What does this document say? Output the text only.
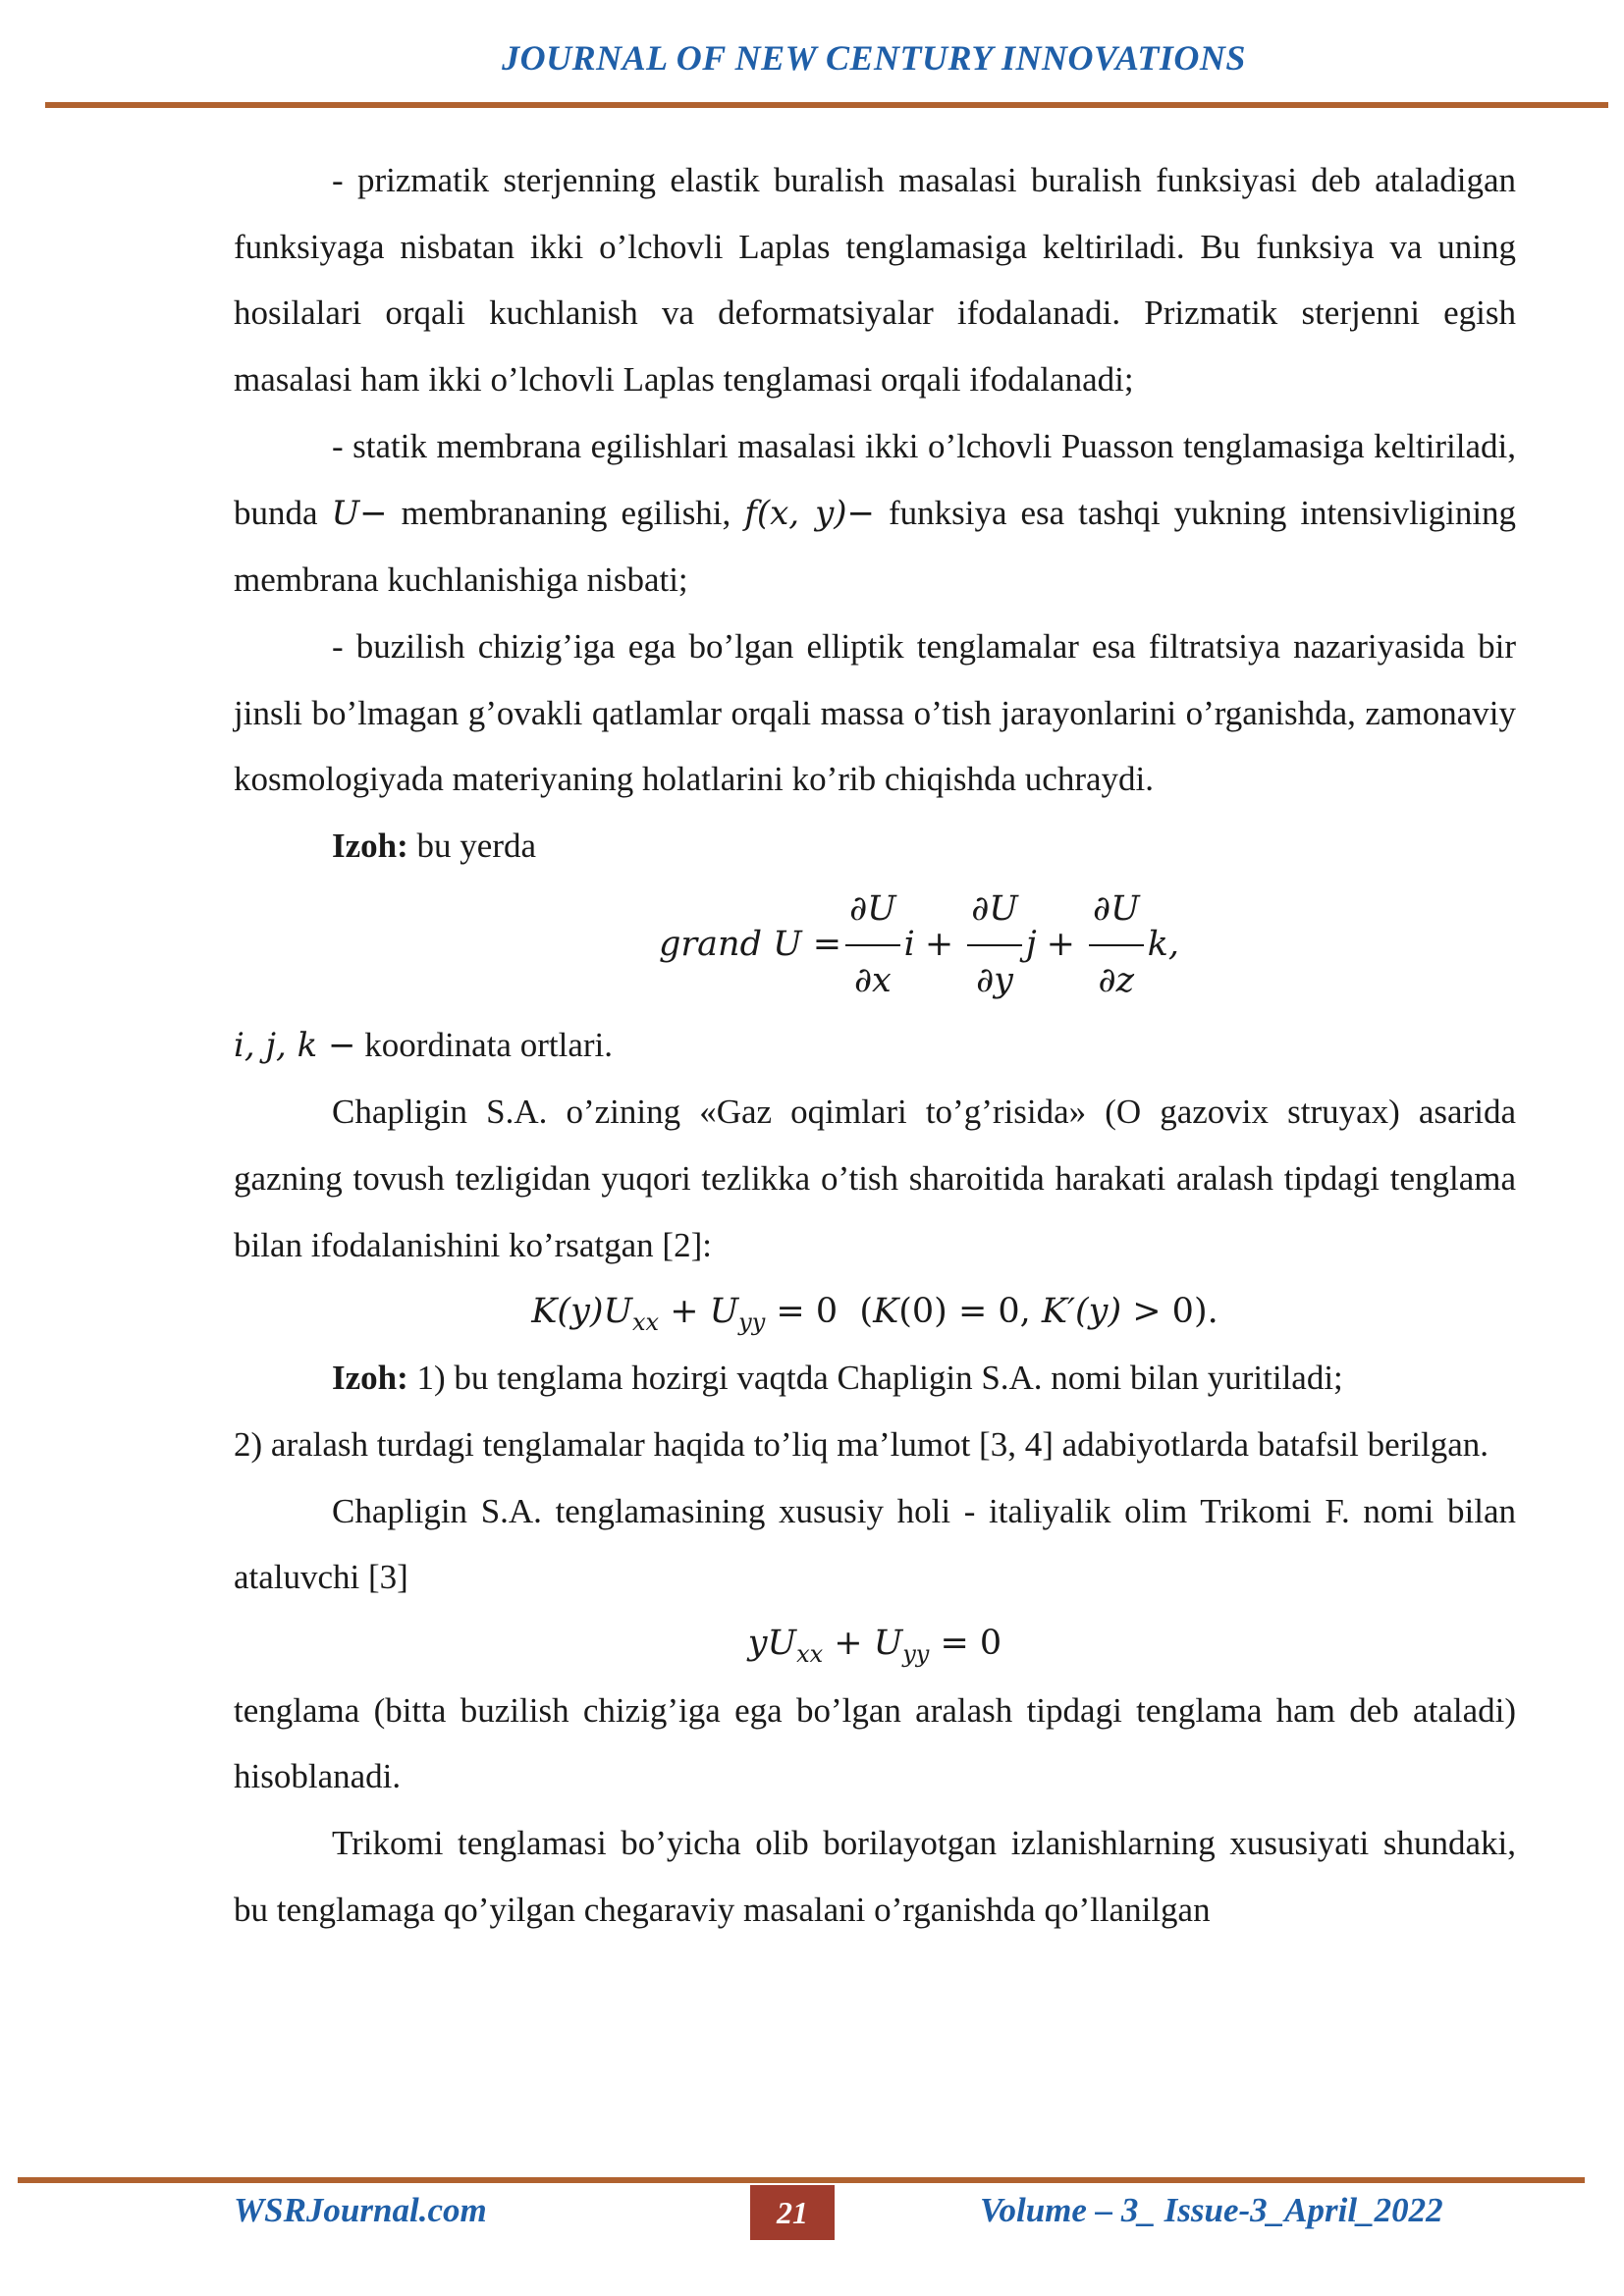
JOURNAL OF NEW CENTURY INNOVATIONS

- prizmatik sterjenning elastik buralish masalasi buralish funksiyasi deb ataladigan funksiyaga nisbatan ikki o’lchovli Laplas tenglamasiga keltiriladi. Bu funksiya va uning hosilalari orqali kuchlanish va deformatsiyalar ifodalanadi. Prizmatik sterjenni egish masalasi ham ikki o’lchovli Laplas tenglamasi orqali ifodalanadi;

- statik membrana egilishlari masalasi ikki o’lchovli Puasson tenglamasiga keltiriladi, bunda U− membrananing egilishi, f(x, y)− funksiya esa tashqi yukning intensivligining membrana kuchlanishiga nisbati;

- buzilish chizig’iga ega bo’lgan elliptik tenglamalar esa filtratsiya nazariyasida bir jinsli bo’lmagan g’ovakli qatlamlar orqali massa o’tish jarayonlarini o’rganishda, zamonaviy kosmologiyada materiyaning holatlarini ko’rib chiqishda uchraydi.

Izoh: bu yerda

grand $U = \frac{\partial U}{\partial x}$ $i + \frac{\partial U}{\partial y}$ $j + \frac{\partial U}{\partial z} k$,

i, j, k − koordinata ortlari.

Chapligin S.A. o’zining «Gaz oqimlari to’g’risida» (O gazovix struyax) asarida gazning tovush tezligidan yuqori tezlikka o’tish sharoitida harakati aralash tipdagi tenglama bilan ifodalanishini ko’rsatgan [2]:

$K(y)U_{xx} + U_{yy} = 0$ (K(0) = 0, K′(y) > 0).

Izoh: 1) bu tenglama hozirgi vaqtda Chapligin S.A. nomi bilan yuritiladi;

2) aralash turdagi tenglamalar haqida to’liq ma’lumot [3, 4] adabiyotlarda batafsil berilgan.

Chapligin S.A. tenglamasining xususiy holi - italiyalik olim Trikomi F. nomi bilan ataluvchi [3]

$yU_{xx} + U_{yy} = 0$

tenglama (bitta buzilish chizig’iga ega bo’lgan aralash tipdagi tenglama ham deb ataladi) hisoblanadi.

Trikomi tenglamasi bo’yicha olib borilayotgan izlanishlarning xususiyati shundaki, bu tenglamaga qo’yilgan chegaraviy masalani o’rganishda qo’llanilgan

WSRJournal.com	21	Volume – 3_ Issue-3_April_2022
